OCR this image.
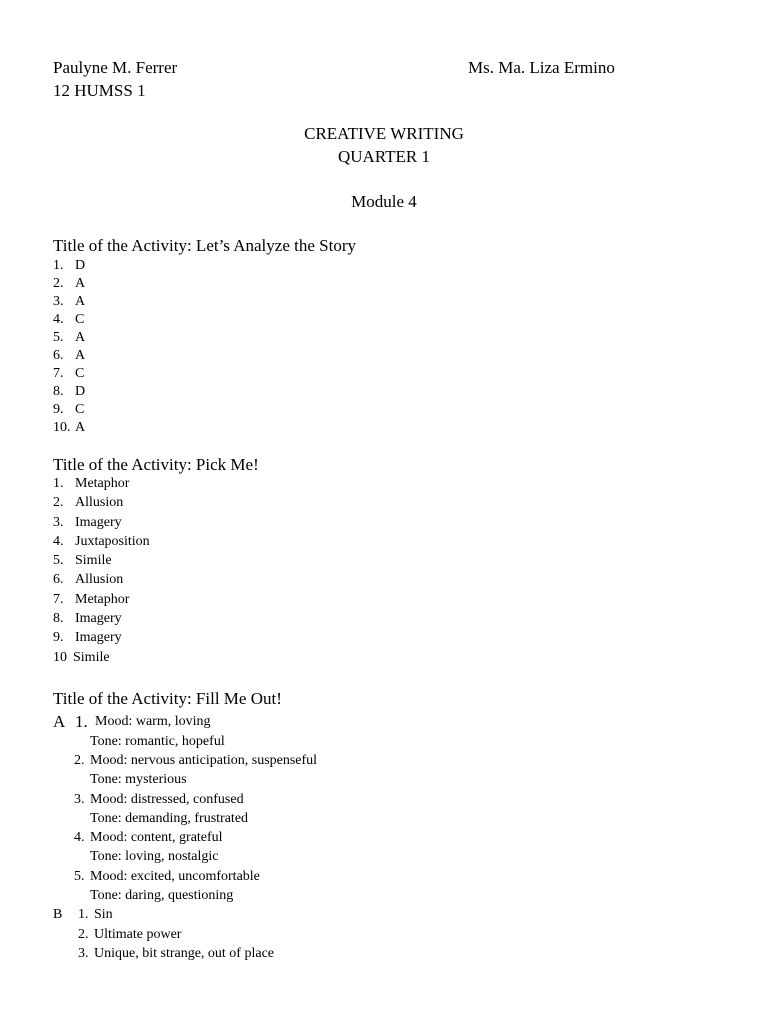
Paulyne M. Ferrer	Ms. Ma. Liza Ermino
12 HUMSS 1
CREATIVE WRITING
QUARTER 1
Module 4
Title of the Activity: Let’s Analyze the Story
1. D
2. A
3. A
4. C
5. A
6. A
7. C
8. D
9. C
10. A
Title of the Activity: Pick Me!
1. Metaphor
2. Allusion
3. Imagery
4. Juxtaposition
5. Simile
6. Allusion
7. Metaphor
8. Imagery
9. Imagery
10 Simile
Title of the Activity: Fill Me Out!
A 1. Mood: warm, loving
Tone: romantic, hopeful
2. Mood: nervous anticipation, suspenseful
Tone: mysterious
3. Mood: distressed, confused
Tone: demanding, frustrated
4. Mood: content, grateful
Tone: loving, nostalgic
5. Mood: excited, uncomfortable
Tone: daring, questioning
B 1. Sin
2. Ultimate power
3. Unique, bit strange, out of place
